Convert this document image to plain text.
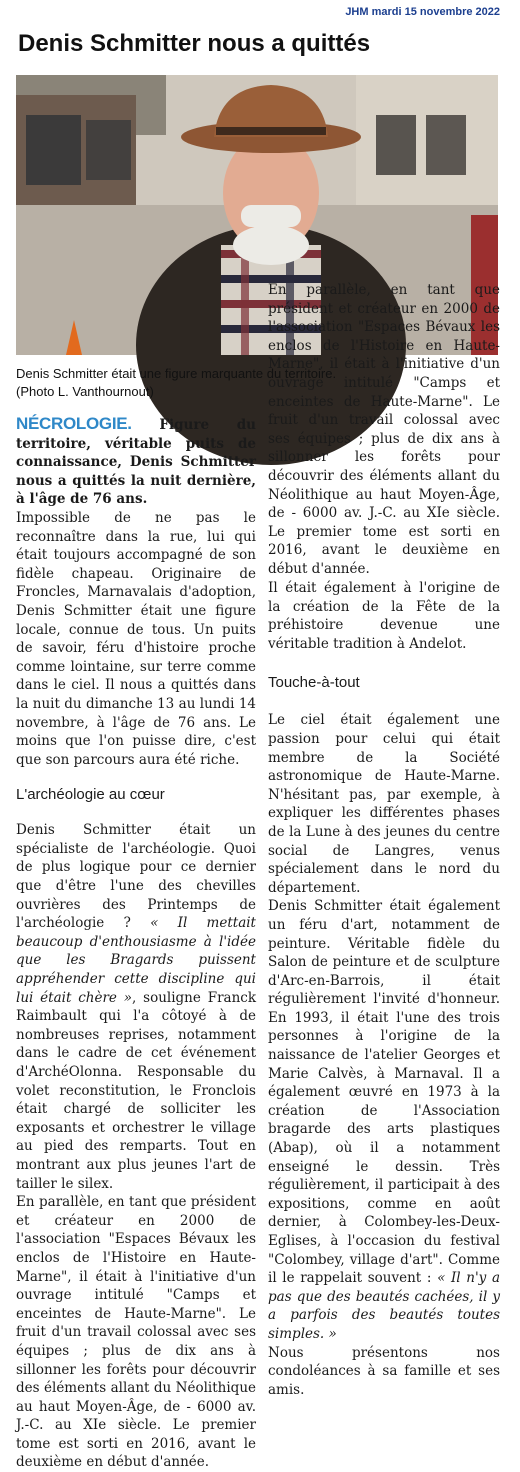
JHM mardi 15 novembre 2022
Denis Schmitter nous a quittés
Denis Schmitter était une figure marquante du territoire.
(Photo L. Vanthournout)

NÉCROLOGIE. Figure du territoire, véritable puits de connaissance, Denis Schmitter nous a quittés la nuit dernière, à l'âge de 76 ans.

Impossible de ne pas le reconnaître dans la rue, lui qui était toujours accompagné de son fidèle chapeau. Originaire de Froncles, Marnavalais d'adoption, Denis Schmitter était une figure locale, connue de tous. Un puits de savoir, féru d'histoire proche comme lointaine, sur terre comme dans le ciel. Il nous a quittés dans la nuit du dimanche 13 au lundi 14 novembre, à l'âge de 76 ans. Le moins que l'on puisse dire, c'est que son parcours aura été riche.

L'archéologie au cœur

Denis Schmitter était un spécialiste de l'archéologie. Quoi de plus logique pour ce dernier que d'être l'une des chevilles ouvrières des Printemps de l'archéologie ? « Il mettait beaucoup d'enthousiasme à l'idée que les Bragards puissent appréhender cette discipline qui lui était chère », souligne Franck Raimbault qui l'a côtoyé à de nombreuses reprises, notamment dans le cadre de cet événement d'ArchéOlonna. Responsable du volet reconstitution, le Fronclois était chargé de solliciter les exposants et orchestrer le village au pied des remparts. Tout en montrant aux plus jeunes l'art de tailler le silex.

En parallèle, en tant que président et créateur en 2000 de l'association "Espaces Bévaux les enclos de l'Histoire en Haute-Marne", il était à l'initiative d'un ouvrage intitulé "Camps et enceintes de Haute-Marne". Le fruit d'un travail colossal avec ses équipes ; plus de dix ans à sillonner les forêts pour découvrir des éléments allant du Néolithique au haut Moyen-Âge, de - 6000 av. J.-C. au XIe siècle. Le premier tome est sorti en 2016, avant le deuxième en début d'année.

En parallèle, en tant que président et créateur en 2000 de l'association "Espaces Bévaux les enclos de l'Histoire en Haute-Marne", il était à l'initiative d'un ouvrage intitulé "Camps et enceintes de Haute-Marne". Le fruit d'un travail colossal avec ses équipes ; plus de dix ans à sillonner les forêts pour découvrir des éléments allant du Néolithique au haut Moyen-Âge, de - 6000 av. J.-C. au XIe siècle. Le premier tome est sorti en 2016, avant le deuxième en début d'année.

Il était également à l'origine de la création de la Fête de la préhistoire devenue une véritable tradition à Andelot.

Touche-à-tout

Le ciel était également une passion pour celui qui était membre de la Société astronomique de Haute-Marne. N'hésitant pas, par exemple, à expliquer les différentes phases de la Lune à des jeunes du centre social de Langres, venus spécialement dans le nord du département.

Denis Schmitter était également un féru d'art, notamment de peinture. Véritable fidèle du Salon de peinture et de sculpture d'Arc-en-Barrois, il était régulièrement l'invité d'honneur. En 1993, il était l'une des trois personnes à l'origine de la naissance de l'atelier Georges et Marie Calvès, à Marnaval. Il a également œuvré en 1973 à la création de l'Association bragarde des arts plastiques (Abap), où il a notamment enseigné le dessin. Très régulièrement, il participait à des expositions, comme en août dernier, à Colombey-les-Deux-Eglises, à l'occasion du festival "Colombey, village d'art". Comme il le rappelait souvent : « Il n'y a pas que des beautés cachées, il y a parfois des beautés toutes simples. »

Nous présentons nos condoléances à sa famille et ses amis.
